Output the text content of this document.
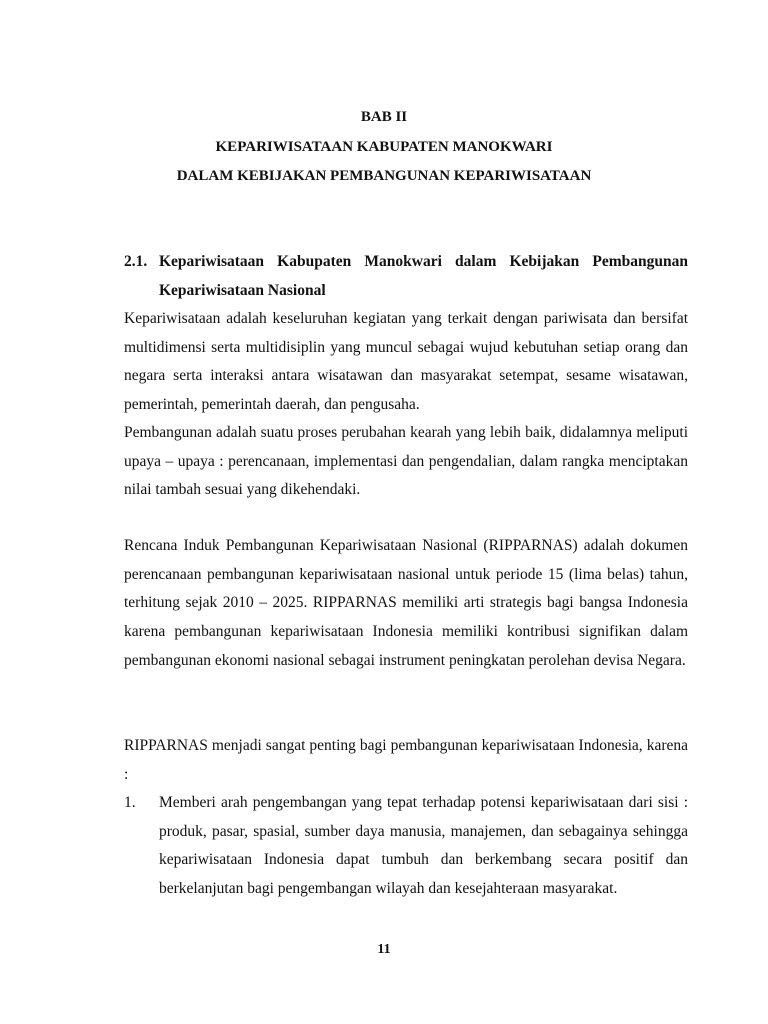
BAB II
KEPARIWISATAAN KABUPATEN MANOKWARI
DALAM KEBIJAKAN PEMBANGUNAN KEPARIWISATAAN
2.1. Kepariwisataan Kabupaten Manokwari dalam Kebijakan Pembangunan Kepariwisataan Nasional

Kepariwisataan adalah keseluruhan kegiatan yang terkait dengan pariwisata dan bersifat multidimensi serta multidisiplin yang muncul sebagai wujud kebutuhan setiap orang dan negara serta interaksi antara wisatawan dan masyarakat setempat, sesame wisatawan, pemerintah, pemerintah daerah, dan pengusaha.

Pembangunan adalah suatu proses perubahan kearah yang lebih baik, didalamnya meliputi upaya – upaya : perencanaan, implementasi dan pengendalian, dalam rangka menciptakan nilai tambah sesuai yang dikehendaki.

Rencana Induk Pembangunan Kepariwisataan Nasional (RIPPARNAS) adalah dokumen perencanaan pembangunan kepariwisataan nasional untuk periode 15 (lima belas) tahun, terhitung sejak 2010 – 2025. RIPPARNAS memiliki arti strategis bagi bangsa Indonesia karena pembangunan kepariwisataan Indonesia memiliki kontribusi signifikan dalam pembangunan ekonomi nasional sebagai instrument peningkatan perolehan devisa Negara.

RIPPARNAS menjadi sangat penting bagi pembangunan kepariwisataan Indonesia, karena :

1.	Memberi arah pengembangan yang tepat terhadap potensi kepariwisataan dari sisi : produk, pasar, spasial, sumber daya manusia, manajemen, dan sebagainya sehingga kepariwisataan Indonesia dapat tumbuh dan berkembang secara positif dan berkelanjutan bagi pengembangan wilayah dan kesejahteraan masyarakat.
11
